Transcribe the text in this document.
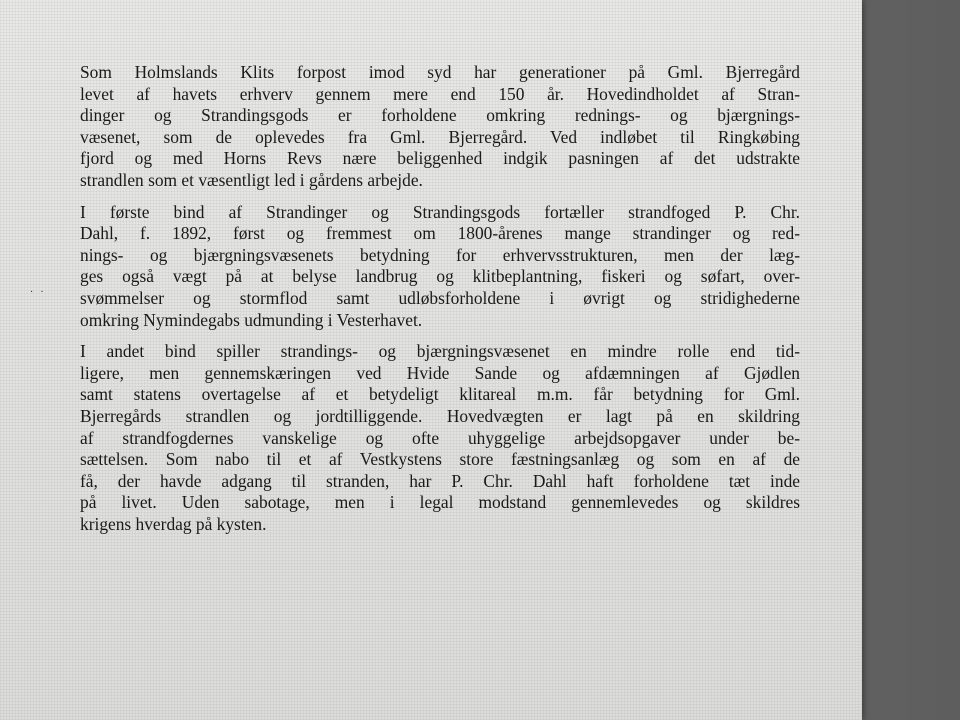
· ·

Som Holmslands Klits forpost imod syd har generationer på Gml. Bjerregård
levet af havets erhverv gennem mere end 150 år. Hovedindholdet af Stran-
dinger og Strandingsgods er forholdene omkring rednings- og bjærgnings-
væsenet, som de oplevedes fra Gml. Bjerregård. Ved indløbet til Ringkøbing
fjord og med Horns Revs nære beliggenhed indgik pasningen af det udstrakte
strandlen som et væsentligt led i gårdens arbejde.

I første bind af Strandinger og Strandingsgods fortæller strandfoged P. Chr.
Dahl, f. 1892, først og fremmest om 1800-årenes mange strandinger og red-
nings- og bjærgningsvæsenets betydning for erhvervsstrukturen, men der læg-
ges også vægt på at belyse landbrug og klitbeplantning, fiskeri og søfart, over-
svømmelser og stormflod samt udløbsforholdene i øvrigt og stridighederne
omkring Nymindegabs udmunding i Vesterhavet.

I andet bind spiller strandings- og bjærgningsvæsenet en mindre rolle end tid-
ligere, men gennemskæringen ved Hvide Sande og afdæmningen af Gjødlen
samt statens overtagelse af et betydeligt klitareal m.m. får betydning for Gml.
Bjerregårds strandlen og jordtilliggende. Hovedvægten er lagt på en skildring
af strandfogdernes vanskelige og ofte uhyggelige arbejdsopgaver under be-
sættelsen. Som nabo til et af Vestkystens store fæstningsanlæg og som en af de
få, der havde adgang til stranden, har P. Chr. Dahl haft forholdene tæt inde
på livet. Uden sabotage, men i legal modstand gennemlevedes og skildres
krigens hverdag på kysten.
